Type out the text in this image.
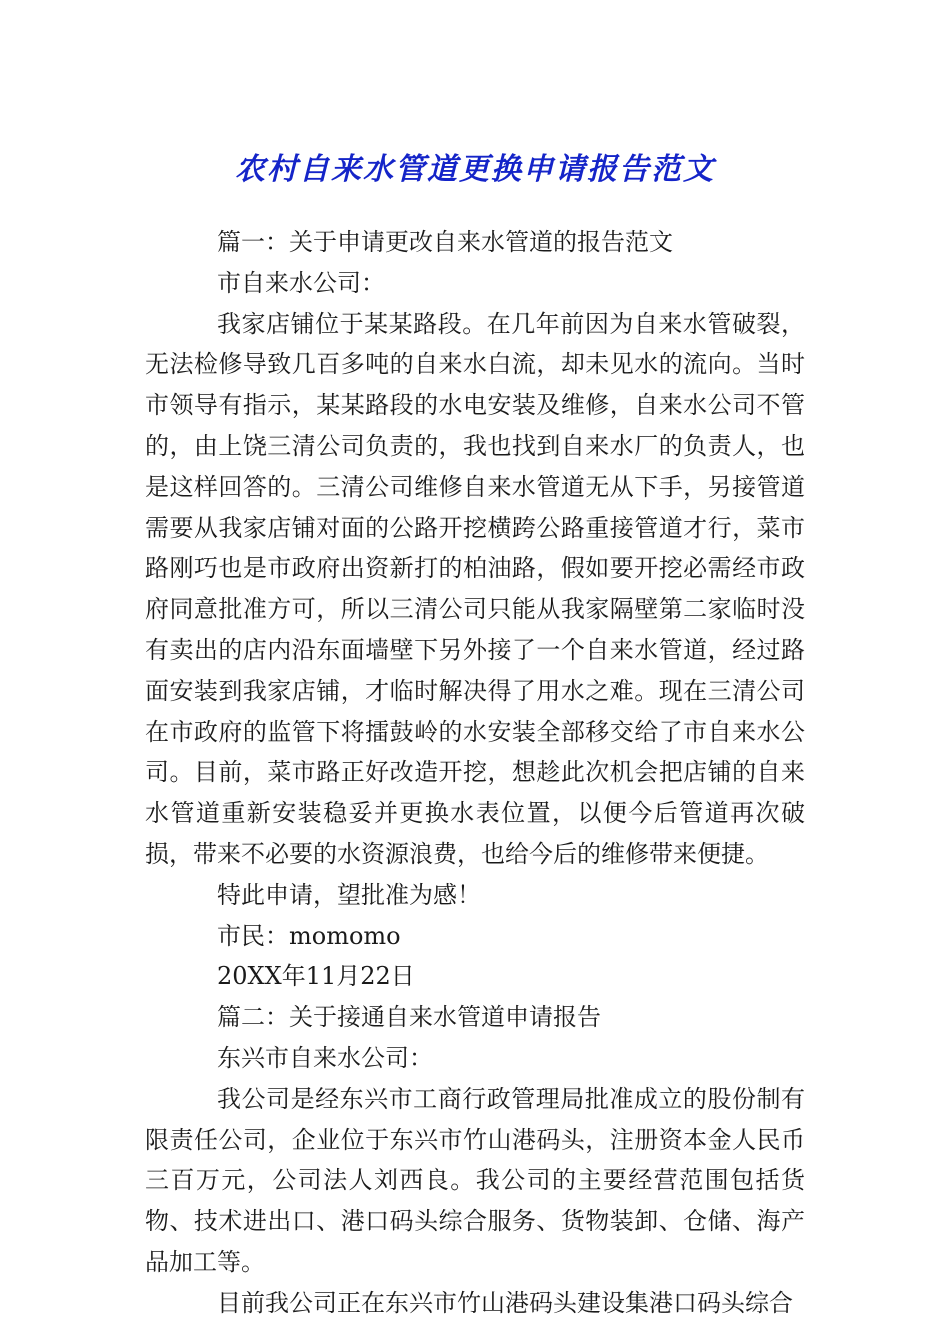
农村自来水管道更换申请报告范文

篇一：关于申请更改自来水管道的报告范文

市自来水公司：

我家店铺位于某某路段。在几年前因为自来水管破裂，无法检修导致几百多吨的自来水白流，却未见水的流向。当时市领导有指示，某某路段的水电安装及维修，自来水公司不管的，由上饶三清公司负责的，我也找到自来水厂的负责人，也是这样回答的。三清公司维修自来水管道无从下手，另接管道需要从我家店铺对面的公路开挖横跨公路重接管道才行，菜市路刚巧也是市政府出资新打的柏油路，假如要开挖必需经市政府同意批准方可，所以三清公司只能从我家隔壁第二家临时没有卖出的店内沿东面墙壁下另外接了一个自来水管道，经过路面安装到我家店铺，才临时解决得了用水之难。现在三清公司在市政府的监管下将擂鼓岭的水安装全部移交给了市自来水公司。目前，菜市路正好改造开挖，想趁此次机会把店铺的自来水管道重新安装稳妥并更换水表位置，以便今后管道再次破损，带来不必要的水资源浪费，也给今后的维修带来便捷。

特此申请，望批准为感！

市民：momomo

20XX年11月22日

篇二：关于接通自来水管道申请报告

东兴市自来水公司：

我公司是经东兴市工商行政管理局批准成立的股份制有限责任公司，企业位于东兴市竹山港码头，注册资本金人民币三百万元，公司法人刘西良。我公司的主要经营范围包括货物、技术进出口、港口码头综合服务、货物装卸、仓储、海产品加工等。

目前我公司正在东兴市竹山港码头建设集港口码头综合
